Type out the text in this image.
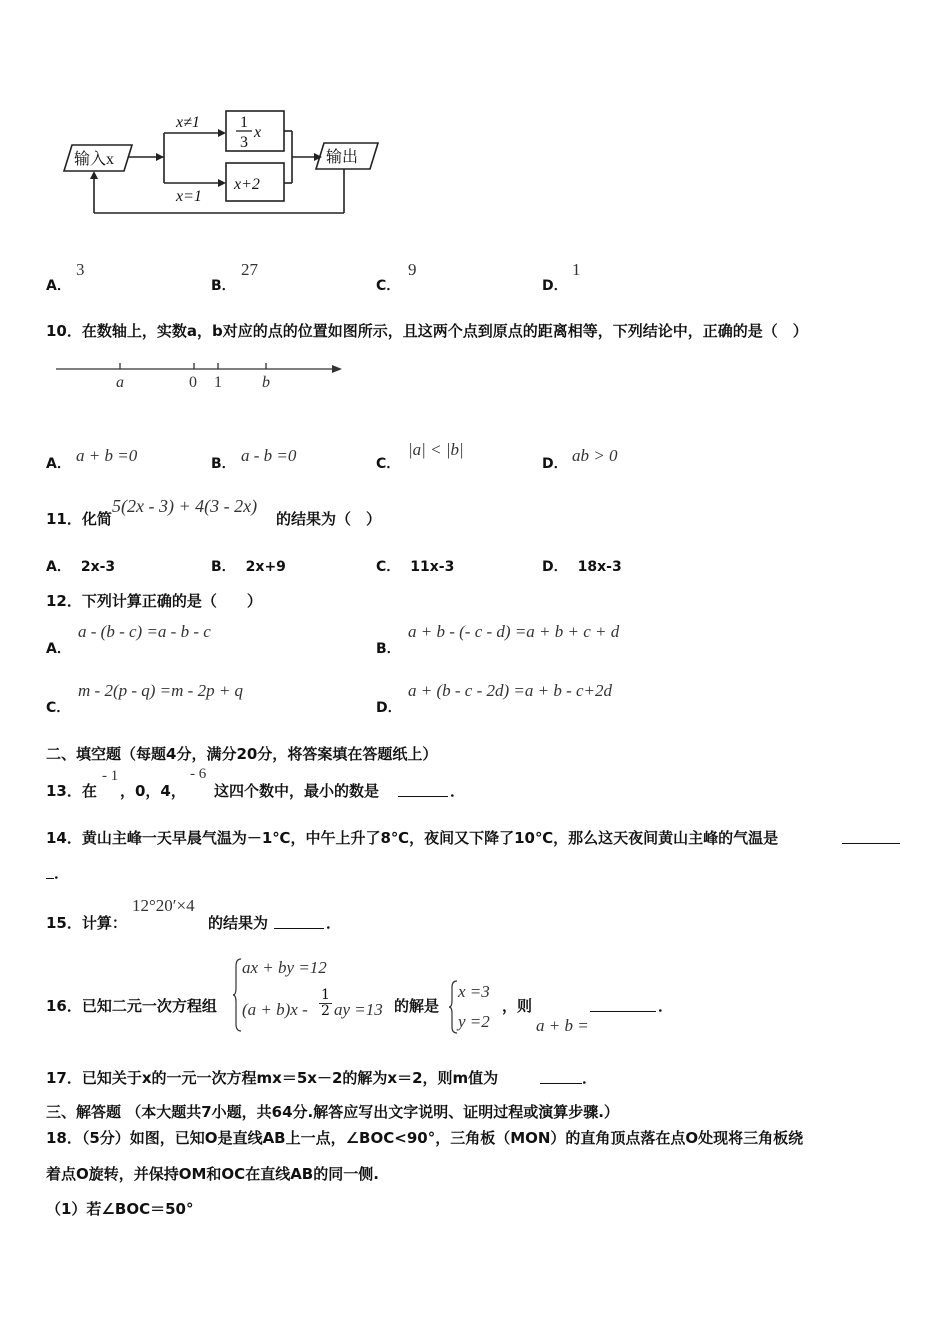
输入x	输出
x≠1
x=1
1
3
x
x+2
A．
3
B．
27
C．
9
D．
1
10．在数轴上，实数a，b对应的点的位置如图所示，且这两个点到原点的距离相等，下列结论中，正确的是（　）
a	0 1	b
A． a + b =0	B． a - b =0	C．
|a| < |b|
D． ab > 0
11．化简
5(2x - 3) + 4(3 - 2x)
的结果为（　）
A． 2x-3	B． 2x+9	C． 11x-3	D． 18x-3
12．下列计算正确的是（　　）
A．
a - (b - c) =a - b - c
B．
a + b - (- c - d) =a + b + c + d
C．
m - 2(p - q) =m - 2p + q
D．
a + (b - c - 2d) =a + b - c+2d
二、填空题（每题4分，满分20分，将答案填在答题纸上）
13．在
- 1
，0，4，
- 6
这四个数中，最小的数是	．
14．黄山主峰一天早晨气温为－1℃，中午上升了8℃，夜间又下降了10℃，那么这天夜间黄山主峰的气温是
．
15．计算：
12°20′×4
的结果为	．
16．已知二元一次方程组
ax + by =12
$(a + b)x - \frac{1}{2}$ ay =13 的解是
x =3
y =2
，则
a + b =
．
17．已知关于x的一元一次方程mx＝5x－2的解为x＝2，则m值为	．
三、解答题 （本大题共7小题，共64分.解答应写出文字说明、证明过程或演算步骤.）
18．（5分）如图，已知O是直线AB上一点，∠BOC<90°，三角板（MON）的直角顶点落在点O处现将三角板绕
着点O旋转，并保持OM和OC在直线AB的同一侧.
（1）若∠BOC＝50°
